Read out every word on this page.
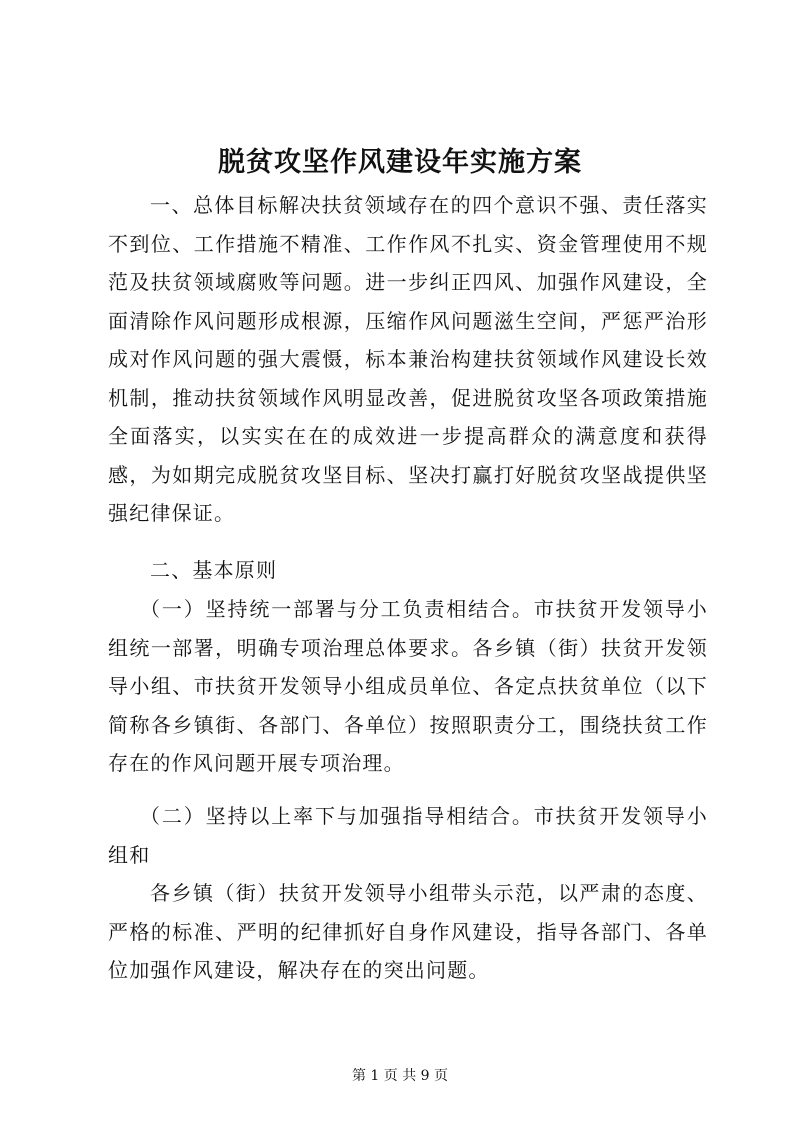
脱贫攻坚作风建设年实施方案

一、总体目标解决扶贫领域存在的四个意识不强、责任落实不到位、工作措施不精准、工作作风不扎实、资金管理使用不规范及扶贫领域腐败等问题。进一步纠正四风、加强作风建设，全面清除作风问题形成根源，压缩作风问题滋生空间，严惩严治形成对作风问题的强大震慑，标本兼治构建扶贫领域作风建设长效机制，推动扶贫领域作风明显改善，促进脱贫攻坚各项政策措施全面落实，以实实在在的成效进一步提高群众的满意度和获得感，为如期完成脱贫攻坚目标、坚决打赢打好脱贫攻坚战提供坚强纪律保证。

二、基本原则

（一）坚持统一部署与分工负责相结合。市扶贫开发领导小组统一部署，明确专项治理总体要求。各乡镇（街）扶贫开发领导小组、市扶贫开发领导小组成员单位、各定点扶贫单位（以下简称各乡镇街、各部门、各单位）按照职责分工，围绕扶贫工作存在的作风问题开展专项治理。

（二）坚持以上率下与加强指导相结合。市扶贫开发领导小组和

各乡镇（街）扶贫开发领导小组带头示范，以严肃的态度、严格的标准、严明的纪律抓好自身作风建设，指导各部门、各单位加强作风建设，解决存在的突出问题。

第 1 页 共 9 页
